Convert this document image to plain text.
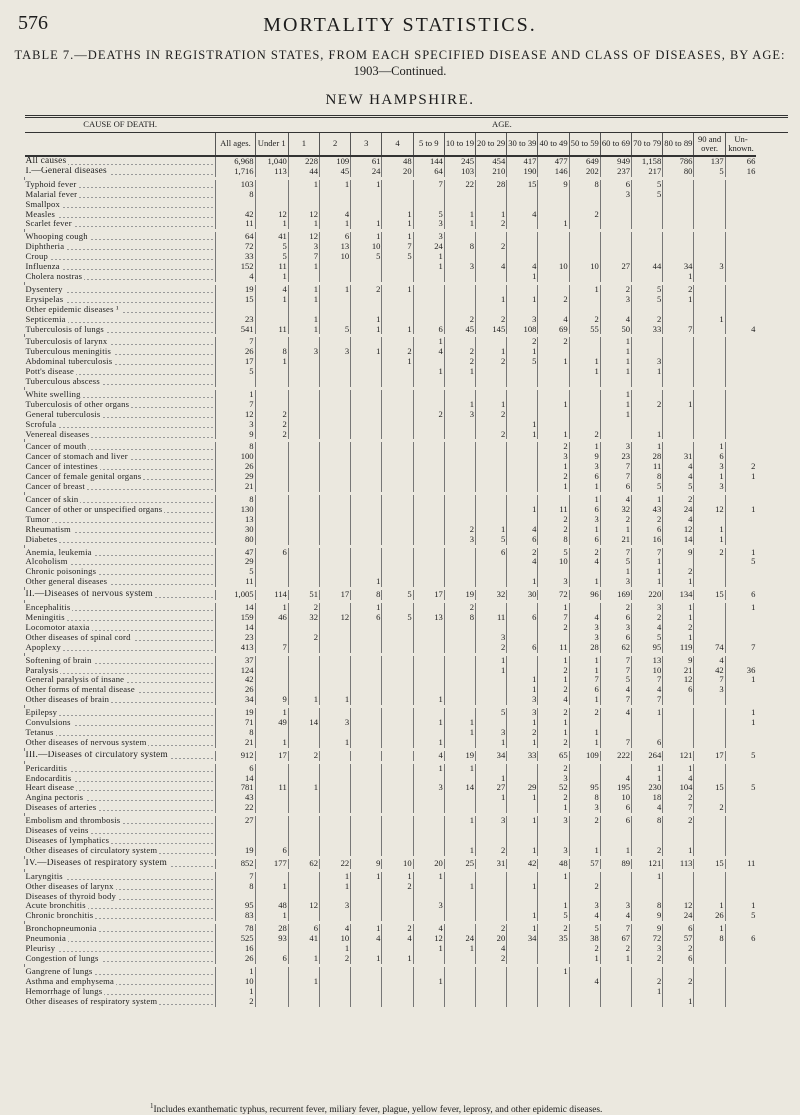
576	MORTALITY STATISTICS.
TABLE 7.—DEATHS IN REGISTRATION STATES, FROM EACH SPECIFIED DISEASE AND CLASS OF DISEASES, BY AGE:
1903—Continued.
NEW HAMPSHIRE.
CAUSE OF DEATH.	AGE.																
	All ages.	Under 1	1	2	3	4	5 to 9	10 to 19	20 to 29	30 to 39	40 to 49	50 to 59	60 to 69	70 to 79	80 to 89	90 and over.	Un-known.
All causes	6,968	1,040	228	109	61	48	144	245	454	417	477	649	949	1,158	786	137	66
I.—General diseases	1,716	113	44	45	24	20	64	103	210	190	146	202	237	217	80	5	16

Typhoid fever	103		1	1	1		7	22	28	15	9	8	6	5			
Malarial fever	8												3	5			
Smallpox																	
Measles	42	12	12	4		1	5	1	1	4		2					
Scarlet fever	11	1	1	1	1	1	3	1	2		1						

Whooping cough	64	41	12	6	1	1	3										
Diphtheria	72	5	3	13	10	7	24	8	2								
Croup	33	5	7	10	5	5	1										
Influenza	152	11	1				1	3	4	4	10	10	27	44	34	3	
Cholera nostras	4	1								1					1		

Dysentery	19	4	1	1	2	1						1	2	5	2		
Erysipelas	15	1	1						1	1	2		3	5	1		
Other epidemic diseases ¹																	
Septicemia	23		1		1			2	2	3	4	2	4	2		1	
Tuberculosis of lungs	541	11	1	5	1	1	6	45	145	108	69	55	50	33	7		4

Tuberculosis of larynx	7						1			2	2		1				
Tuberculous meningitis	26	8	3	3	1	2	4	2	1	1			1				
Abdominal tuberculosis	17	1				1		2	2	5	1	1	1	3			
Pott's disease	5						1	1				1	1	1			
Tuberculous abscess																	

White swelling	1												1				
Tuberculosis of other organs	7							1	1		1		1	2	1		
General tuberculosis	12	2					2	3	2				1				
Scrofula	3	2								1							
Venereal diseases	9	2							2	1	1	2		1			

Cancer of mouth	8										2	1	3	1		1	
Cancer of stomach and liver	100										3	9	23	28	31	6	
Cancer of intestines	26										1	3	7	11	4	3	2
Cancer of female genital organs	29										2	6	7	8	4	1	1
Cancer of breast	21										1	1	6	5	5	3	

Cancer of skin	8											1	4	1	2		
Cancer of other or unspecified organs	130									1	11	6	32	43	24	12	1
Tumor	13										2	3	2	2	4		
Rheumatism	30							2	1	4	2	1	1	6	12	1	
Diabetes	80							3	5	6	8	6	21	16	14	1	

Anemia, leukemia	47	6							6	2	5	2	7	7	9	2	1
Alcoholism	29									4	10	4	5	1			5
Chronic poisonings	5												1	1	2		
Other general diseases	11				1					1	3	1	3	1	1		

II.—Diseases of nervous system	1,005	114	51	17	8	5	17	19	32	30	72	96	169	220	134	15	6

Encephalitis	14	1	2		1			2			1		2	3	1		1
Meningitis	159	46	32	12	6	5	13	8	11	6	7	4	6	2	1		
Locomotor ataxia	14										2	3	3	4	2		
Other diseases of spinal cord	23		2						3			3	6	5	1		
Apoplexy	413	7							2	6	11	28	62	95	119	74	7

Softening of brain	37								1		1	1	7	13	9	4	
Paralysis	124								1		2	1	7	10	21	42	36
General paralysis of insane	42									1	1	7	5	7	12	7	1
Other forms of mental disease	26									1	2	6	4	4	6	3	
Other diseases of brain	34	9	1	1			1			3	4	1	7	7			

Epilepsy	19	1							5	3	2	2	4	1			1
Convulsions	71	49	14	3			1	1		1	1						1
Tetanus	8							1	3	2	1	1					
Other diseases of nervous system	21	1		1			1		1	1	2	1	7	6			

III.—Diseases of circulatory system	912	17	2				4	19	34	33	65	109	222	264	121	17	5

Pericarditis	6						1	1			2			1	1		
Endocarditis	14								1		3		4	1	4		
Heart disease	781	11	1				3	14	27	29	52	95	195	230	104	15	5
Angina pectoris	43								1	1	2	8	10	18	2		
Diseases of arteries	22										1	3	6	4	7	2	

Embolism and thrombosis	27							1	3	1	3	2	6	8	2		
Diseases of veins																	
Diseases of lymphatics																	
Other diseases of circulatory system	19	6						1	2	1	3	1	1	2	1		

IV.—Diseases of respiratory system	852	177	62	22	9	10	20	25	31	42	48	57	89	121	113	15	11

Laryngitis	7			1	1	1	1				1			1			
Other diseases of larynx	8	1		1		2		1		1		2					
Diseases of thyroid body																	
Acute bronchitis	95	48	12	3			3				1	3	3	8	12	1	1
Chronic bronchitis	83	1								1	5	4	4	9	24	26	5

Bronchopneumonia	78	28	6	4	1	2	4		2	1	2	5	7	9	6	1	
Pneumonia	525	93	41	10	4	4	12	24	20	34	35	38	67	72	57	8	6
Pleurisy	16			1			1	1	4			2	2	3	2		
Congestion of lungs	26	6	1	2	1	1			2			1	1	2	6		

Gangrene of lungs	1										1						
Asthma and emphysema	10		1				1					4		2	2		
Hemorrhage of lungs	1													1			
Other diseases of respiratory system	2														1		
$^1$Includes exanthematic typhus, recurrent fever, miliary fever, plague, yellow fever, leprosy, and other epidemic diseases.
